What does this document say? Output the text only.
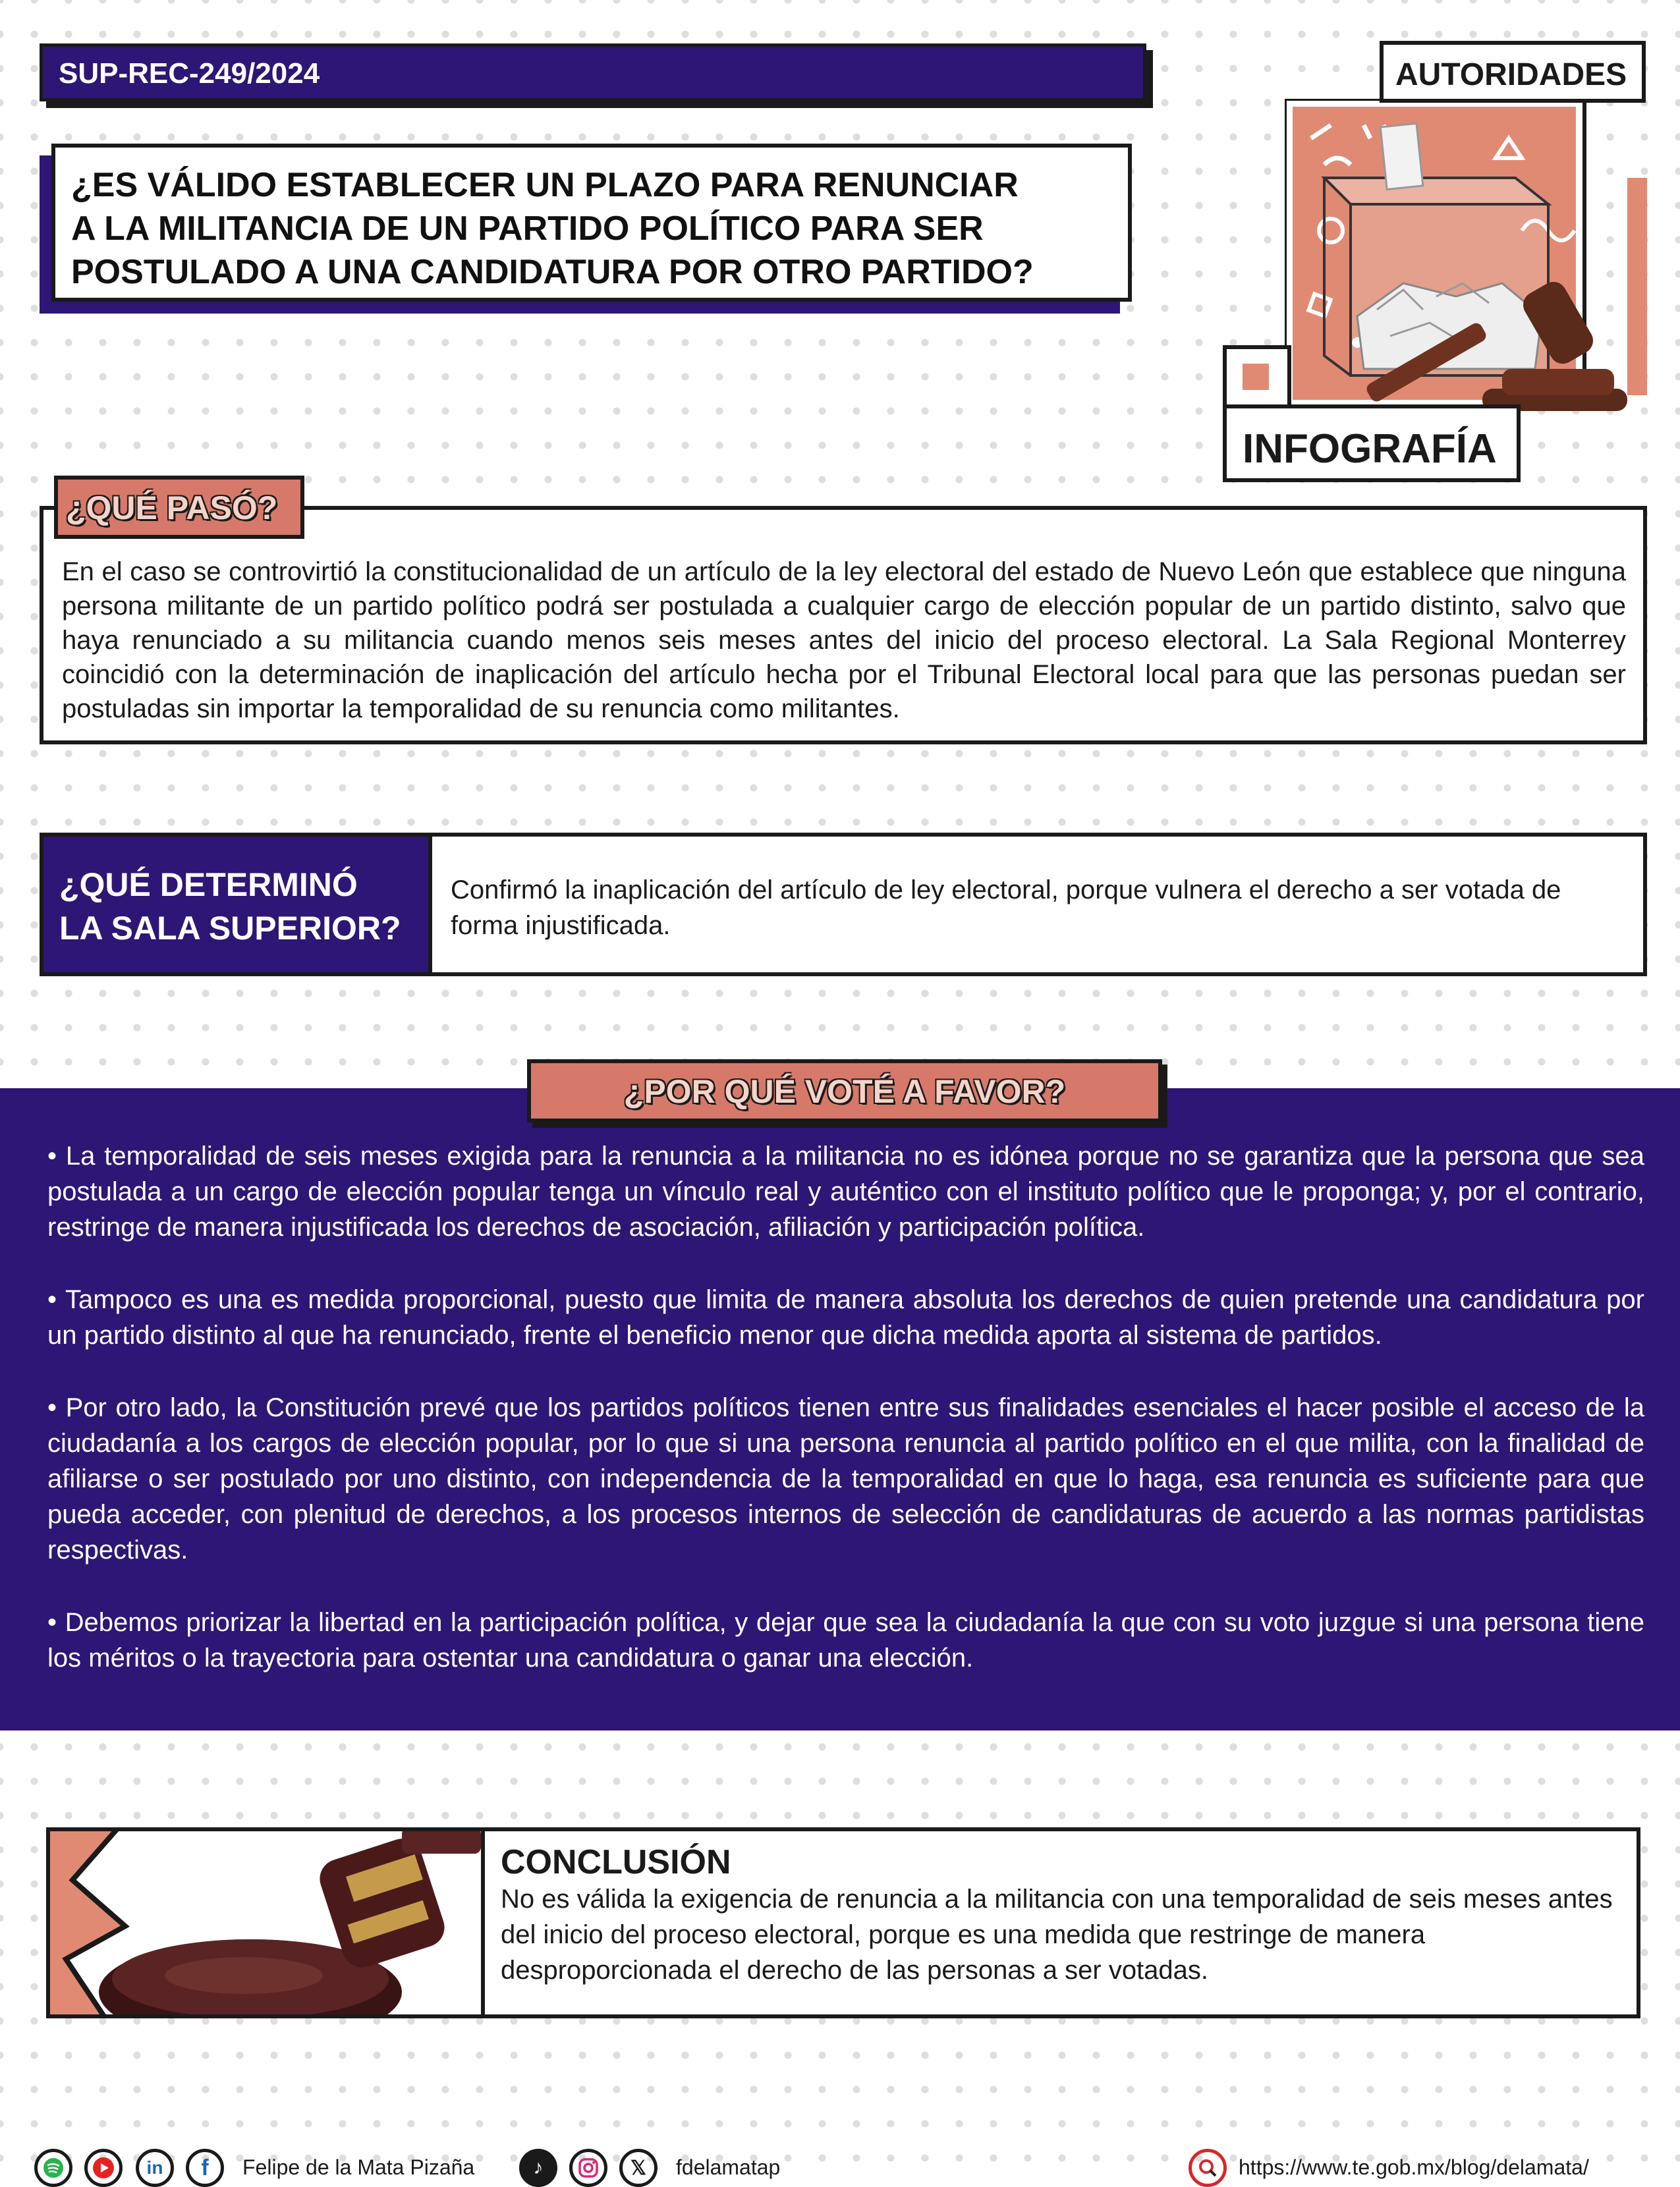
SUP-REC-249/2024
¿ES VÁLIDO ESTABLECER UN PLAZO PARA RENUNCIAR
A LA MILITANCIA DE UN PARTIDO POLÍTICO PARA SER
POSTULADO A UNA CANDIDATURA POR OTRO PARTIDO?
AUTORIDADES
INFOGRAFÍA
¿QUÉ PASÓ?
En el caso se controvirtió la constitucionalidad de un artículo de la ley electoral del estado de Nuevo León que establece que ninguna persona militante de un partido político podrá ser postulada a cualquier cargo de elección popular de un partido distinto, salvo que haya renunciado a su militancia cuando menos seis meses antes del inicio del proceso electoral. La Sala Regional Monterrey coincidió con la determinación de inaplicación del artículo hecha por el Tribunal Electoral local para que las personas puedan ser postuladas sin importar la temporalidad de su renuncia como militantes.
¿QUÉ DETERMINÓ
LA SALA SUPERIOR?
Confirmó la inaplicación del artículo de ley electoral, porque vulnera el derecho a ser votada de forma injustificada.

• La temporalidad de seis meses exigida para la renuncia a la militancia no es idónea porque no se garantiza que la persona que sea postulada a un cargo de elección popular tenga un vínculo real y auténtico con el instituto político que le proponga; y, por el contrario, restringe de manera injustificada los derechos de asociación, afiliación y participación política.

• Tampoco es una es medida proporcional, puesto que limita de manera absoluta los derechos de quien pretende una candidatura por un partido distinto al que ha renunciado, frente el beneficio menor que dicha medida aporta al sistema de partidos.

• Por otro lado, la Constitución prevé que los partidos políticos tienen entre sus finalidades esenciales el hacer posible el acceso de la ciudadanía a los cargos de elección popular, por lo que si una persona renuncia al partido político en el que milita, con la finalidad de afiliarse o ser postulado por uno distinto, con independencia de la temporalidad en que lo haga, esa renuncia es suficiente para que pueda acceder, con plenitud de derechos, a los procesos internos de selección de candidaturas de acuerdo a las normas partidistas respectivas.

• Debemos priorizar la libertad en la participación política, y dejar que sea la ciudadanía la que con su voto juzgue si una persona tiene los méritos o la trayectoria para ostentar una candidatura o ganar una elección.

¿POR QUÉ VOTÉ A FAVOR?
CONCLUSIÓN
No es válida la exigencia de renuncia a la militancia con una temporalidad de seis meses antes del inicio del proceso electoral, porque es una medida que restringe de manera desproporcionada el derecho de las personas a ser votadas.
in	f	Felipe de la Mata Pizaña	♪	𝕏	fdelamatap	https://www.te.gob.mx/blog/delamata/
